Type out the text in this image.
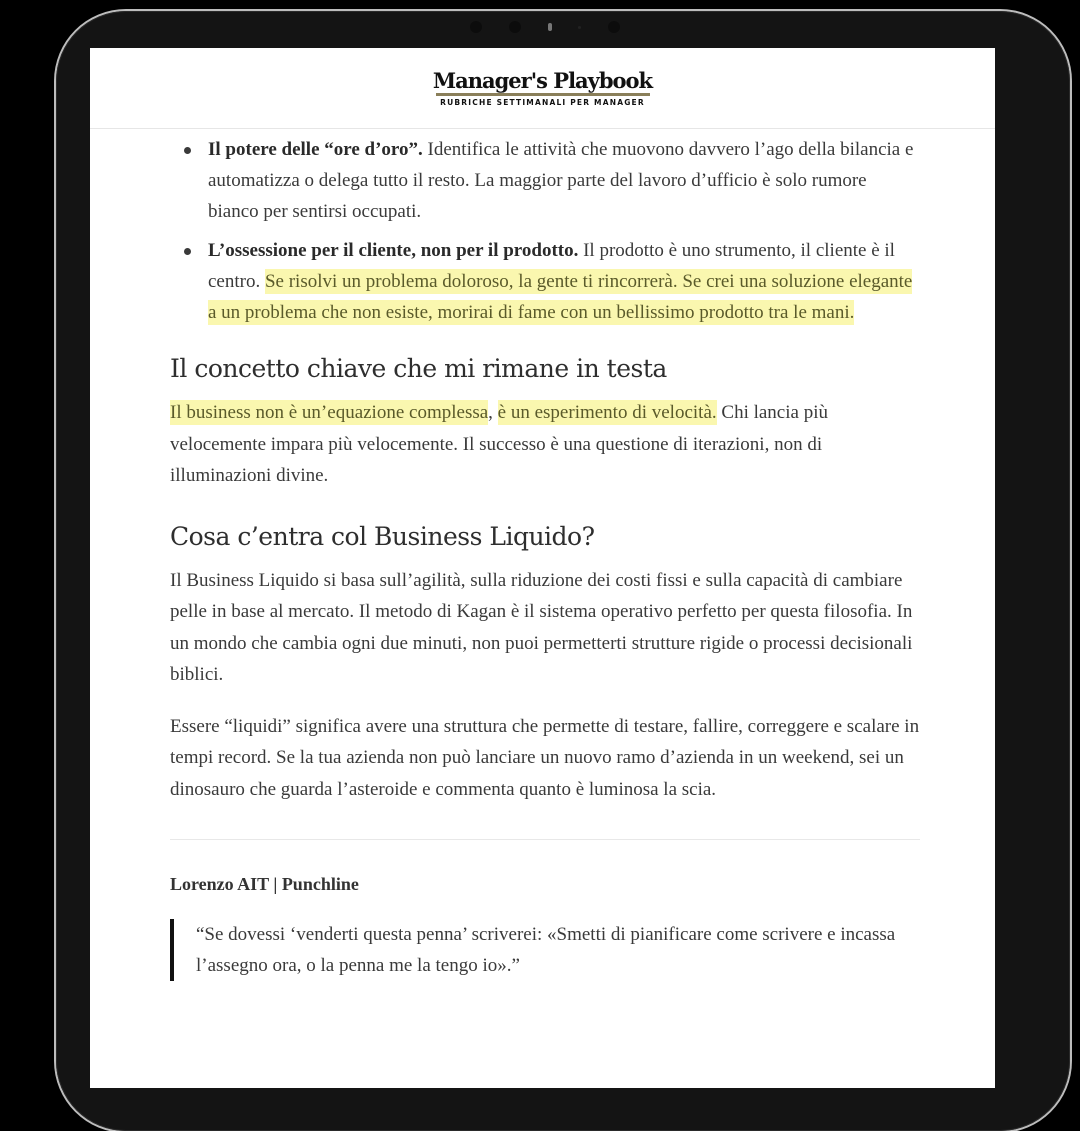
Manager's Playbook
RUBRICHE SETTIMANALI PER MANAGER
Il potere delle “ore d’oro”. Identifica le attività che muovono davvero l’ago della bilancia e automatizza o delega tutto il resto. La maggior parte del lavoro d’ufficio è solo rumore bianco per sentirsi occupati.
L’ossessione per il cliente, non per il prodotto. Il prodotto è uno strumento, il cliente è il centro. Se risolvi un problema doloroso, la gente ti rincorrerà. Se crei una soluzione elegante a un problema che non esiste, morirai di fame con un bellissimo prodotto tra le mani.
Il concetto chiave che mi rimane in testa

Il business non è un’equazione complessa, è un esperimento di velocità. Chi lancia più velocemente impara più velocemente. Il successo è una questione di iterazioni, non di illuminazioni divine.

Cosa c’entra col Business Liquido?

Il Business Liquido si basa sull’agilità, sulla riduzione dei costi fissi e sulla capacità di cambiare pelle in base al mercato. Il metodo di Kagan è il sistema operativo perfetto per questa filosofia. In un mondo che cambia ogni due minuti, non puoi permetterti strutture rigide o processi decisionali biblici.

Essere “liquidi” significa avere una struttura che permette di testare, fallire, correggere e scalare in tempi record. Se la tua azienda non può lanciare un nuovo ramo d’azienda in un weekend, sei un dinosauro che guarda l’asteroide e commenta quanto è luminosa la scia.

Lorenzo AIT | Punchline
“Se dovessi ‘venderti questa penna’ scriverei: «Smetti di pianificare come scrivere e incassa l’assegno ora, o la penna me la tengo io».”
